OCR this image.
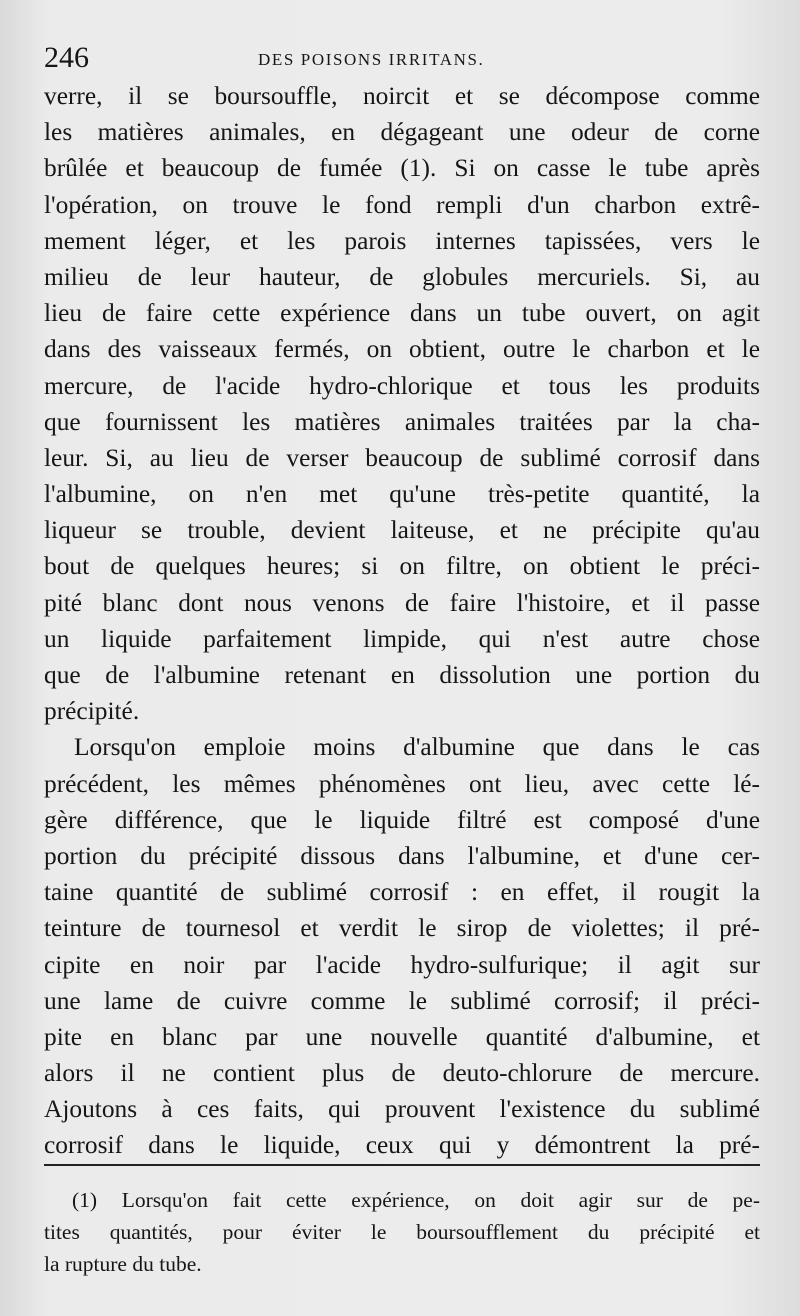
246	DES POISONS IRRITANS.
verre, il se boursouffle, noircit et se décompose comme
les matières animales, en dégageant une odeur de corne
brûlée et beaucoup de fumée (1). Si on casse le tube après
l'opération, on trouve le fond rempli d'un charbon extrê-
mement léger, et les parois internes tapissées, vers le
milieu de leur hauteur, de globules mercuriels. Si, au
lieu de faire cette expérience dans un tube ouvert, on agit
dans des vaisseaux fermés, on obtient, outre le charbon et le
mercure, de l'acide hydro-chlorique et tous les produits
que fournissent les matières animales traitées par la cha-
leur. Si, au lieu de verser beaucoup de sublimé corrosif dans
l'albumine, on n'en met qu'une très-petite quantité, la
liqueur se trouble, devient laiteuse, et ne précipite qu'au
bout de quelques heures; si on filtre, on obtient le préci-
pité blanc dont nous venons de faire l'histoire, et il passe
un liquide parfaitement limpide, qui n'est autre chose
que de l'albumine retenant en dissolution une portion du
précipité.
Lorsqu'on emploie moins d'albumine que dans le cas
précédent, les mêmes phénomènes ont lieu, avec cette lé-
gère différence, que le liquide filtré est composé d'une
portion du précipité dissous dans l'albumine, et d'une cer-
taine quantité de sublimé corrosif : en effet, il rougit la
teinture de tournesol et verdit le sirop de violettes; il pré-
cipite en noir par l'acide hydro-sulfurique; il agit sur
une lame de cuivre comme le sublimé corrosif; il préci-
pite en blanc par une nouvelle quantité d'albumine, et
alors il ne contient plus de deuto-chlorure de mercure.
Ajoutons à ces faits, qui prouvent l'existence du sublimé
corrosif dans le liquide, ceux qui y démontrent la pré-
(1) Lorsqu'on fait cette expérience, on doit agir sur de pe-
tites quantités, pour éviter le boursoufflement du précipité et
la rupture du tube.
